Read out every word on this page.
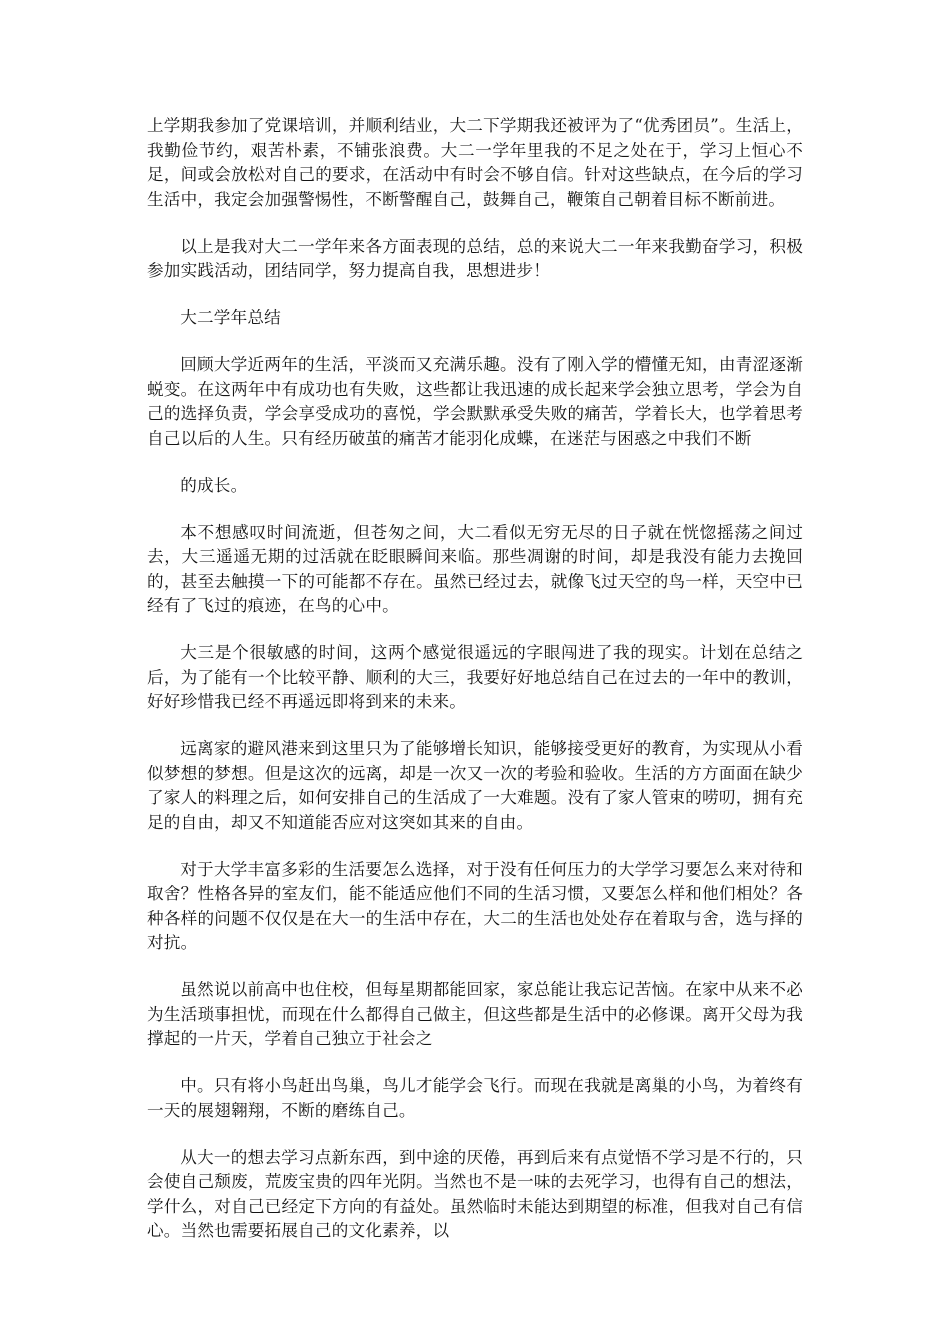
上学期我参加了党课培训，并顺利结业，大二下学期我还被评为了“优秀团员”。生活上，我勤俭节约，艰苦朴素，不铺张浪费。大二一学年里我的不足之处在于，学习上恒心不足，间或会放松对自己的要求，在活动中有时会不够自信。针对这些缺点，在今后的学习生活中，我定会加强警惕性，不断警醒自己，鼓舞自己，鞭策自己朝着目标不断前进。

以上是我对大二一学年来各方面表现的总结，总的来说大二一年来我勤奋学习，积极参加实践活动，团结同学，努力提高自我，思想进步！

大二学年总结

回顾大学近两年的生活，平淡而又充满乐趣。没有了刚入学的懵懂无知，由青涩逐渐蜕变。在这两年中有成功也有失败，这些都让我迅速的成长起来学会独立思考，学会为自己的选择负责，学会享受成功的喜悦，学会默默承受失败的痛苦，学着长大，也学着思考自己以后的人生。只有经历破茧的痛苦才能羽化成蝶，在迷茫与困惑之中我们不断

的成长。

本不想感叹时间流逝，但苍匆之间，大二看似无穷无尽的日子就在恍惚摇荡之间过去，大三遥遥无期的过活就在眨眼瞬间来临。那些凋谢的时间，却是我没有能力去挽回的，甚至去触摸一下的可能都不存在。虽然已经过去，就像飞过天空的鸟一样，天空中已经有了飞过的痕迹，在鸟的心中。

大三是个很敏感的时间，这两个感觉很遥远的字眼闯进了我的现实。计划在总结之后，为了能有一个比较平静、顺利的大三，我要好好地总结自己在过去的一年中的教训，好好珍惜我已经不再遥远即将到来的未来。

远离家的避风港来到这里只为了能够增长知识，能够接受更好的教育，为实现从小看似梦想的梦想。但是这次的远离，却是一次又一次的考验和验收。生活的方方面面在缺少了家人的料理之后，如何安排自己的生活成了一大难题。没有了家人管束的唠叨，拥有充足的自由，却又不知道能否应对这突如其来的自由。

对于大学丰富多彩的生活要怎么选择，对于没有任何压力的大学学习要怎么来对待和取舍？性格各异的室友们，能不能适应他们不同的生活习惯，又要怎么样和他们相处？各种各样的问题不仅仅是在大一的生活中存在，大二的生活也处处存在着取与舍，选与择的对抗。

虽然说以前高中也住校，但每星期都能回家，家总能让我忘记苦恼。在家中从来不必为生活琐事担忧，而现在什么都得自己做主，但这些都是生活中的必修课。离开父母为我撑起的一片天，学着自己独立于社会之

中。只有将小鸟赶出鸟巢，鸟儿才能学会飞行。而现在我就是离巢的小鸟，为着终有一天的展翅翱翔，不断的磨练自己。

从大一的想去学习点新东西，到中途的厌倦，再到后来有点觉悟不学习是不行的，只会使自己颓废，荒废宝贵的四年光阴。当然也不是一味的去死学习，也得有自己的想法，学什么，对自己已经定下方向的有益处。虽然临时未能达到期望的标准，但我对自己有信心。当然也需要拓展自己的文化素养，以
